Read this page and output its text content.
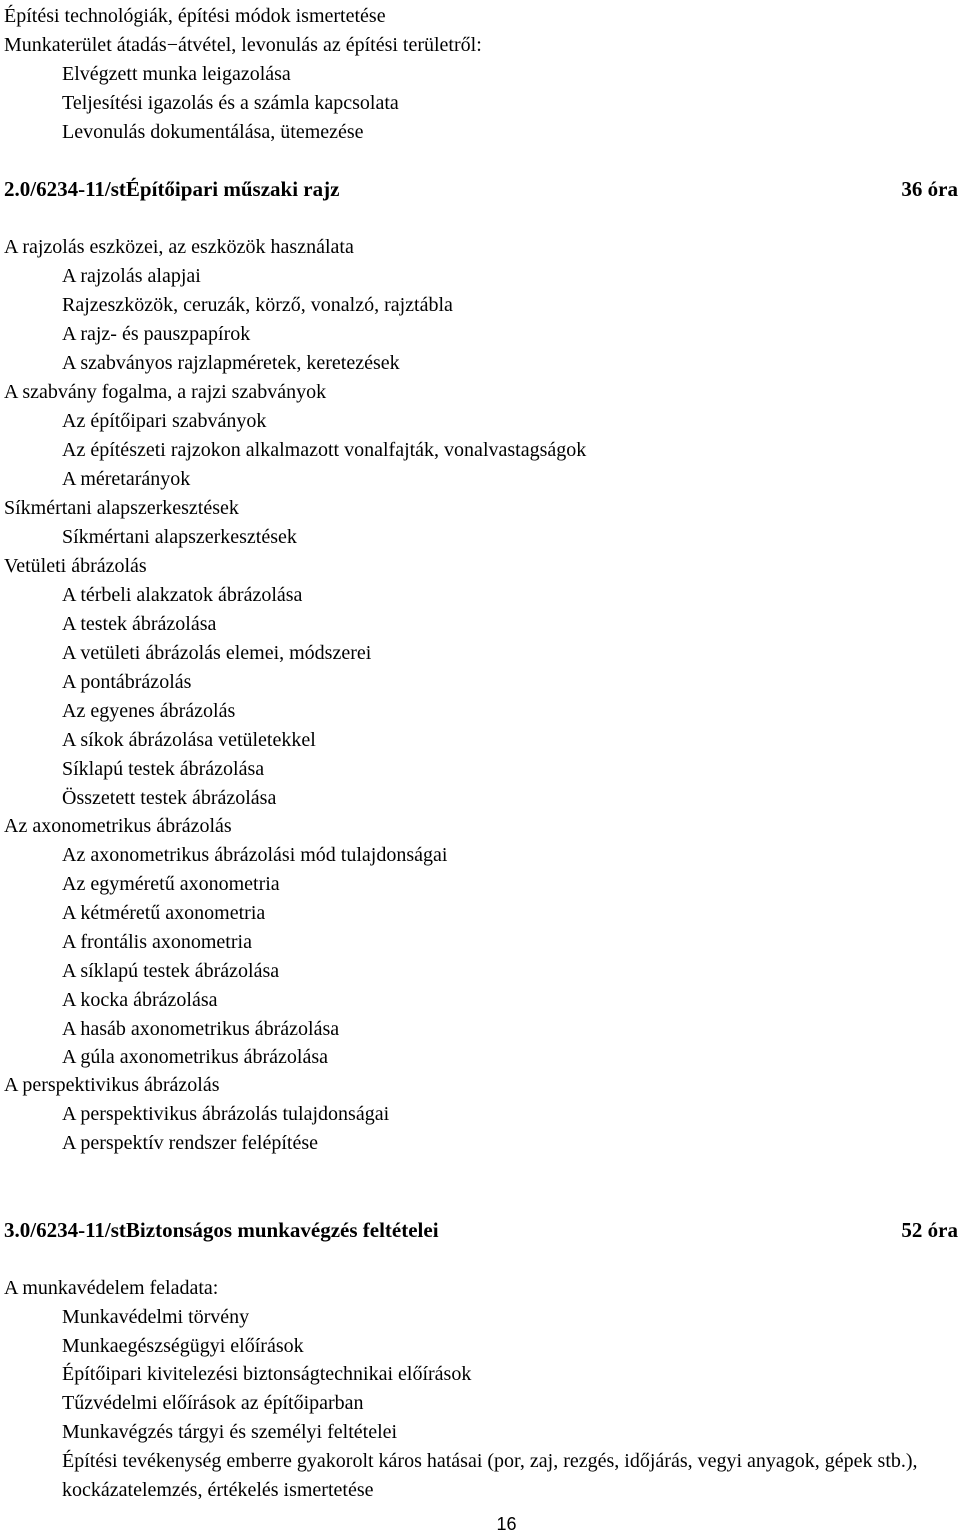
Építési technológiák, építési módok ismertetése
Munkaterület átadás−átvétel, levonulás az építési területről:
Elvégzett munka leigazolása
Teljesítési igazolás és a számla kapcsolata
Levonulás dokumentálása, ütemezése
2.0/6234-11/stÉpítőipari műszaki rajz	36 óra
A rajzolás eszközei, az eszközök használata
A rajzolás alapjai
Rajzeszközök, ceruzák, körző, vonalzó, rajztábla
A rajz- és pauszpapírok
A szabványos rajzlapméretek, keretezések
A szabvány fogalma, a rajzi szabványok
Az építőipari szabványok
Az építészeti rajzokon alkalmazott vonalfajták, vonalvastagságok
A méretarányok
Síkmértani alapszerkesztések
Síkmértani alapszerkesztések
Vetületi ábrázolás
A térbeli alakzatok ábrázolása
A testek ábrázolása
A vetületi ábrázolás elemei, módszerei
A pontábrázolás
Az egyenes ábrázolás
A síkok ábrázolása vetületekkel
Síklapú testek ábrázolása
Összetett testek ábrázolása
Az axonometrikus ábrázolás
Az axonometrikus ábrázolási mód tulajdonságai
Az egyméretű axonometria
A kétméretű axonometria
A frontális axonometria
A síklapú testek ábrázolása
A kocka ábrázolása
A hasáb axonometrikus ábrázolása
A gúla axonometrikus ábrázolása
A perspektivikus ábrázolás
A perspektivikus ábrázolás tulajdonságai
A perspektív rendszer felépítése
3.0/6234-11/stBiztonságos munkavégzés feltételei	52 óra
A munkavédelem feladata:
Munkavédelmi törvény
Munkaegészségügyi előírások
Építőipari kivitelezési biztonságtechnikai előírások
Tűzvédelmi előírások az építőiparban
Munkavégzés tárgyi és személyi feltételei
Építési tevékenység emberre gyakorolt káros hatásai (por, zaj, rezgés, időjárás, vegyi anyagok, gépek stb.), kockázatelemzés, értékelés ismertetése
16
